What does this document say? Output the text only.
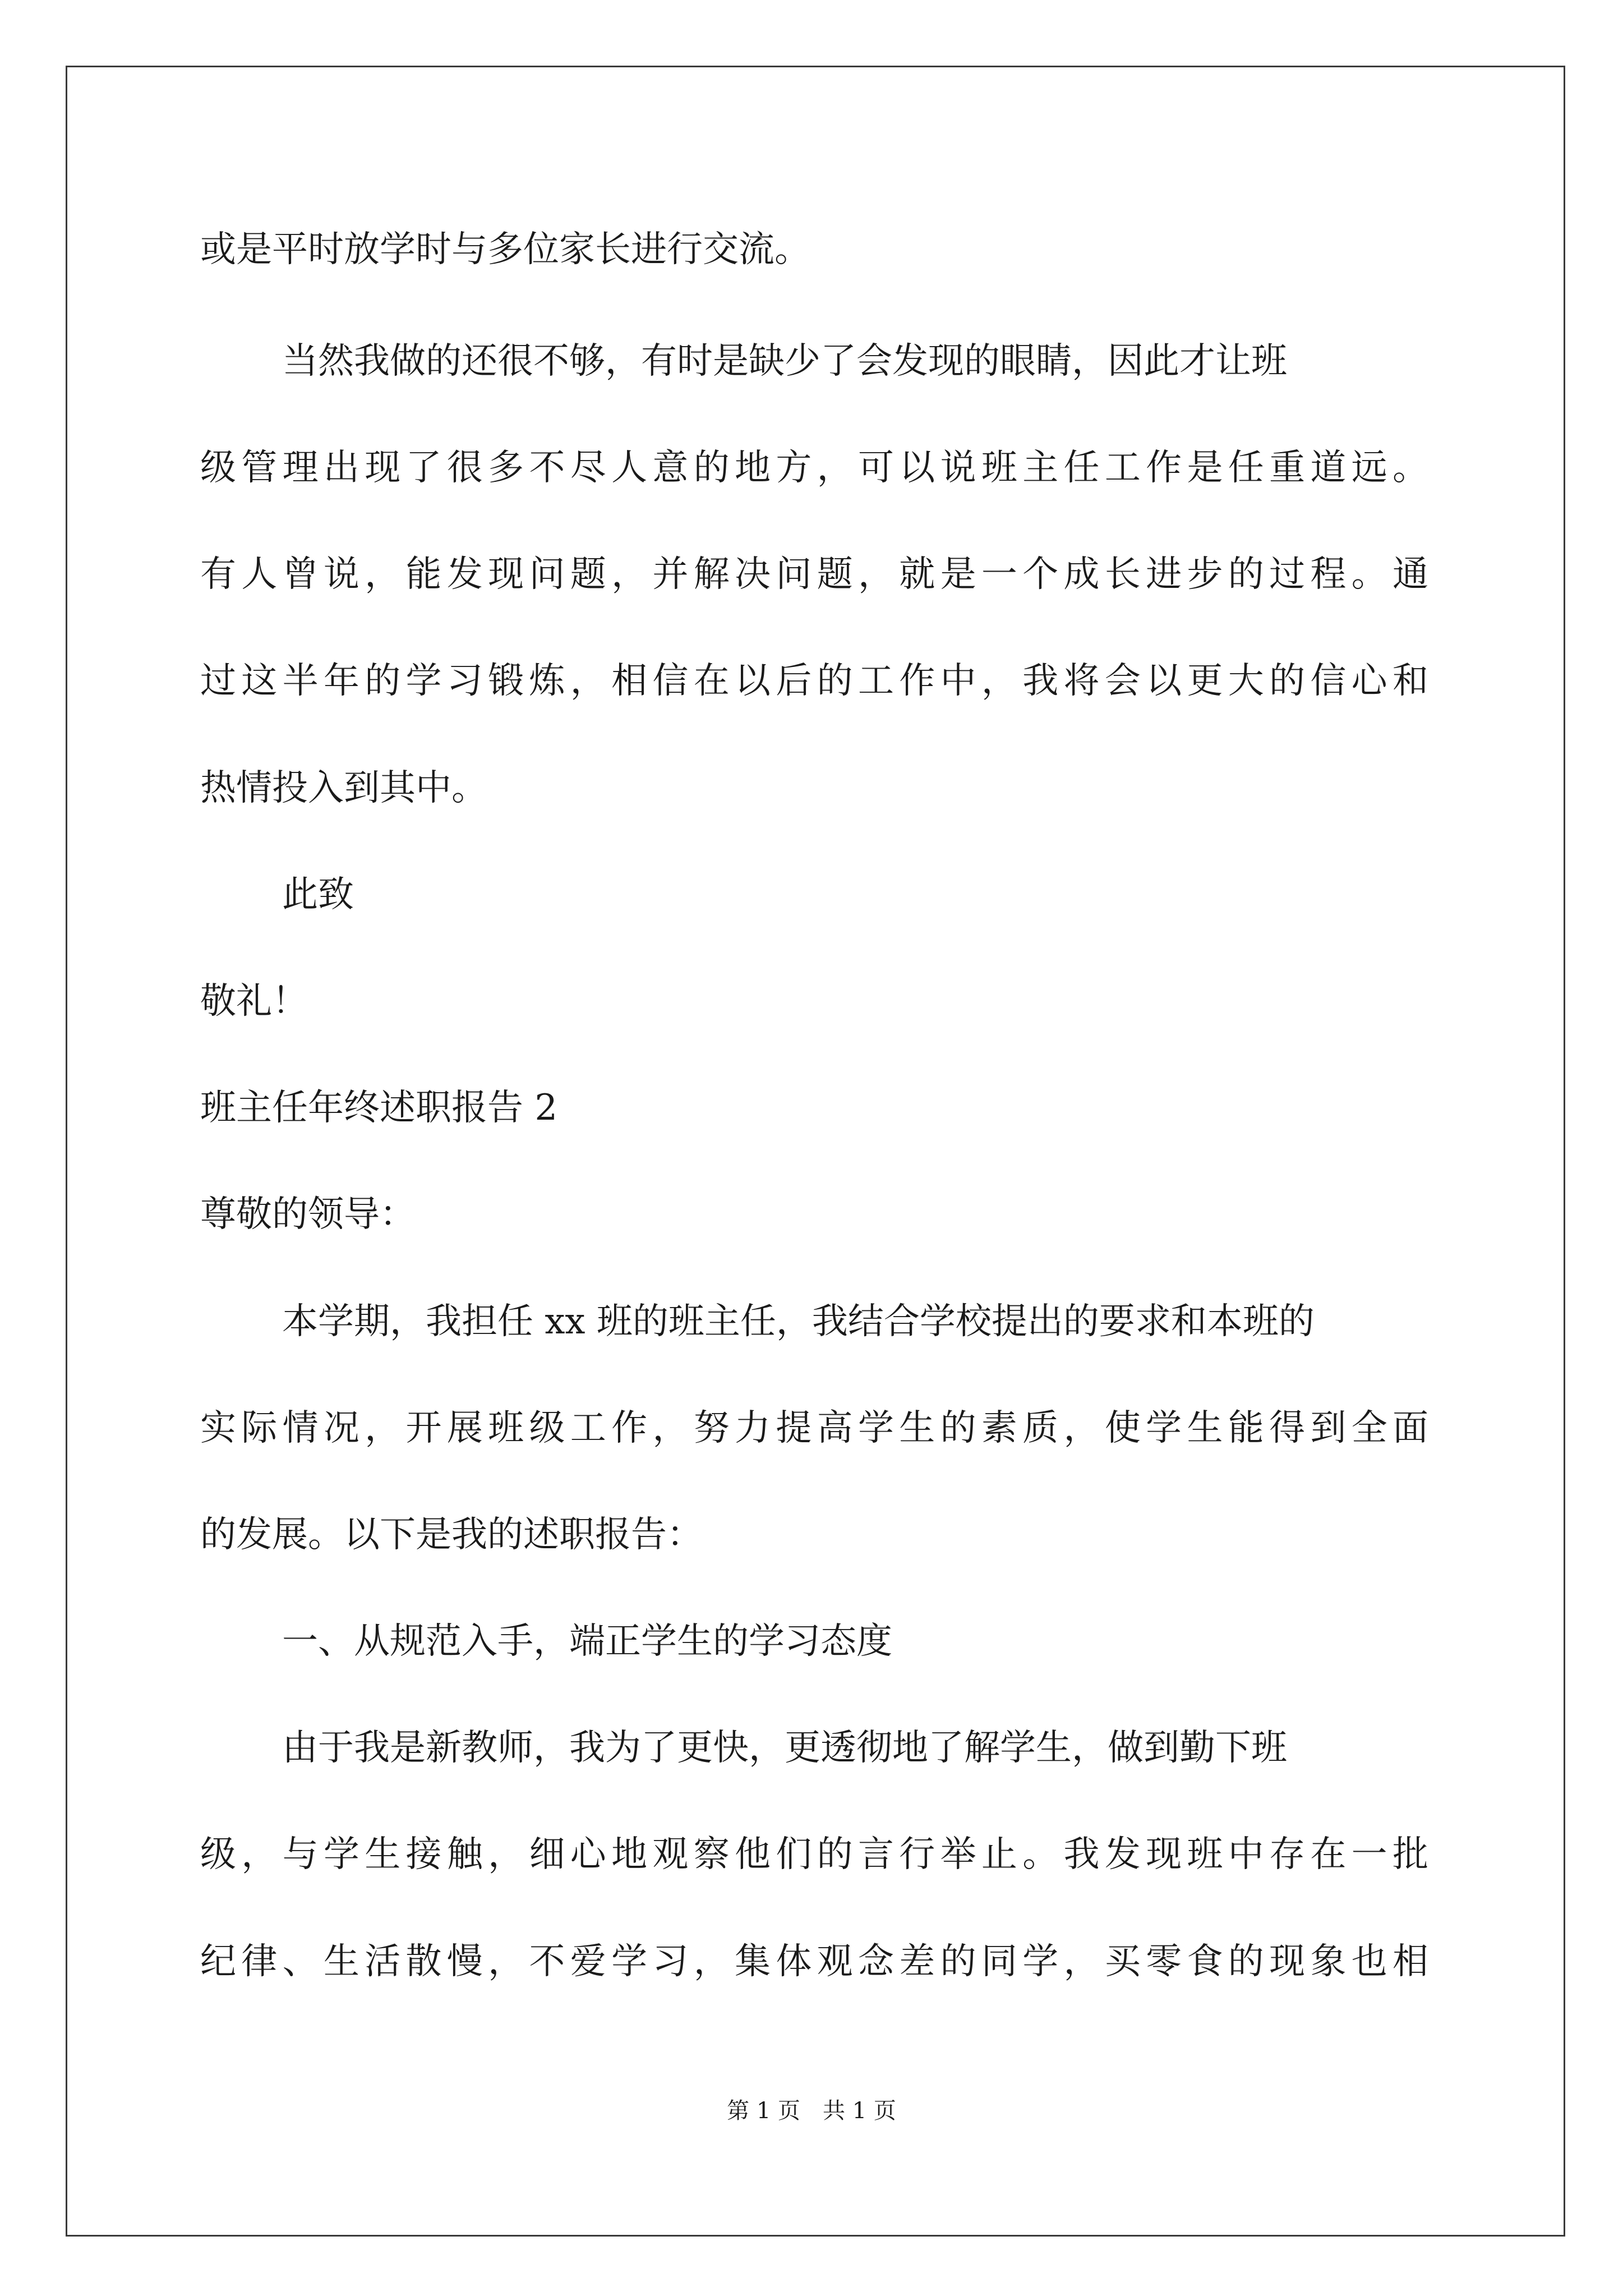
或是平时放学时与多位家长进行交流。

当然我做的还很不够，有时是缺少了会发现的眼睛，因此才让班

级管理出现了很多不尽人意的地方，可以说班主任工作是任重道远。

有人曾说，能发现问题，并解决问题，就是一个成长进步的过程。通

过这半年的学习锻炼，相信在以后的工作中，我将会以更大的信心和

热情投入到其中。

此致

敬礼！

班主任年终述职报告 2

尊敬的领导：

本学期，我担任 xx 班的班主任，我结合学校提出的要求和本班的

实际情况，开展班级工作，努力提高学生的素质，使学生能得到全面

的发展。以下是我的述职报告：

一、从规范入手，端正学生的学习态度

由于我是新教师，我为了更快，更透彻地了解学生，做到勤下班

级，与学生接触，细心地观察他们的言行举止。我发现班中存在一批

纪律、生活散慢，不爱学习，集体观念差的同学，买零食的现象也相

第 1 页　共 1 页
